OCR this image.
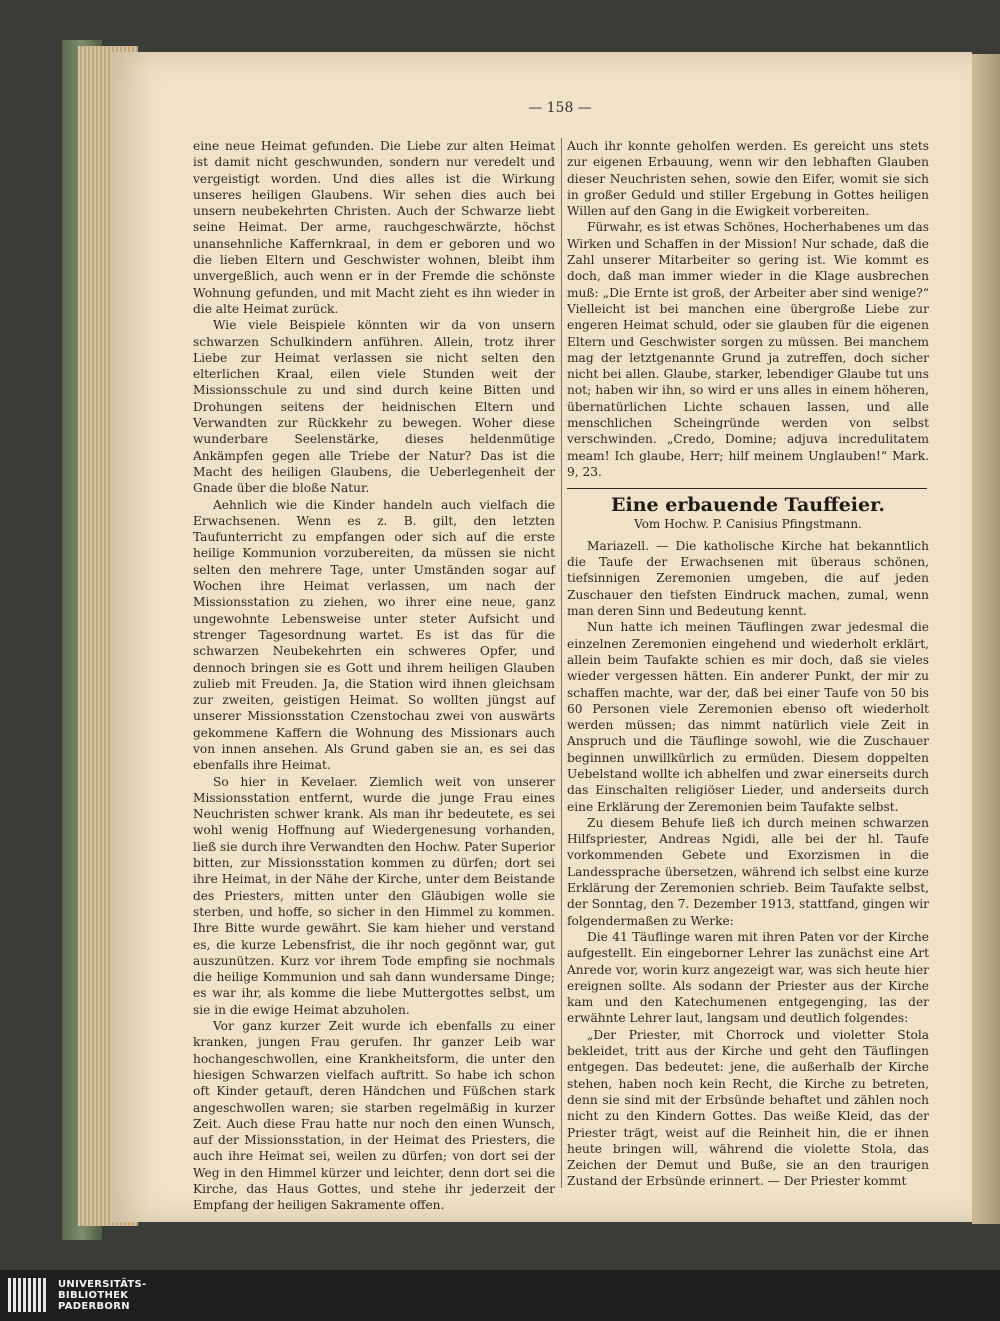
— 158 —

eine neue Heimat gefunden. Die Liebe zur alten Heimat ist damit nicht geschwunden, sondern nur veredelt und vergeistigt worden. Und dies alles ist die Wirkung unseres heiligen Glaubens. Wir sehen dies auch bei unsern neubekehrten Christen. Auch der Schwarze liebt seine Heimat. Der arme, rauchgeschwärzte, höchst unansehnliche Kaffernkraal, in dem er geboren und wo die lieben Eltern und Geschwister wohnen, bleibt ihm unvergeßlich, auch wenn er in der Fremde die schönste Wohnung gefunden, und mit Macht zieht es ihn wieder in die alte Heimat zurück.

Wie viele Beispiele könnten wir da von unsern schwarzen Schulkindern anführen. Allein, trotz ihrer Liebe zur Heimat verlassen sie nicht selten den elterlichen Kraal, eilen viele Stunden weit der Missionsschule zu und sind durch keine Bitten und Drohungen seitens der heidnischen Eltern und Verwandten zur Rückkehr zu bewegen. Woher diese wunderbare Seelenstärke, dieses heldenmütige Ankämpfen gegen alle Triebe der Natur? Das ist die Macht des heiligen Glaubens, die Ueberlegenheit der Gnade über die bloße Natur.

Aehnlich wie die Kinder handeln auch vielfach die Erwachsenen. Wenn es z. B. gilt, den letzten Taufunterricht zu empfangen oder sich auf die erste heilige Kommunion vorzubereiten, da müssen sie nicht selten den mehrere Tage, unter Umständen sogar auf Wochen ihre Heimat verlassen, um nach der Missionsstation zu ziehen, wo ihrer eine neue, ganz ungewohnte Lebensweise unter steter Aufsicht und strenger Tagesordnung wartet. Es ist das für die schwarzen Neubekehrten ein schweres Opfer, und dennoch bringen sie es Gott und ihrem heiligen Glauben zulieb mit Freuden. Ja, die Station wird ihnen gleichsam zur zweiten, geistigen Heimat. So wollten jüngst auf unserer Missionsstation Czenstochau zwei von auswärts gekommene Kaffern die Wohnung des Missionars auch von innen ansehen. Als Grund gaben sie an, es sei das ebenfalls ihre Heimat.

So hier in Kevelaer. Ziemlich weit von unserer Missionsstation entfernt, wurde die junge Frau eines Neuchristen schwer krank. Als man ihr bedeutete, es sei wohl wenig Hoffnung auf Wiedergenesung vorhanden, ließ sie durch ihre Verwandten den Hochw. Pater Superior bitten, zur Missionsstation kommen zu dürfen; dort sei ihre Heimat, in der Nähe der Kirche, unter dem Beistande des Priesters, mitten unter den Gläubigen wolle sie sterben, und hoffe, so sicher in den Himmel zu kommen. Ihre Bitte wurde gewährt. Sie kam hieher und verstand es, die kurze Lebensfrist, die ihr noch gegönnt war, gut auszunützen. Kurz vor ihrem Tode empfing sie nochmals die heilige Kommunion und sah dann wundersame Dinge; es war ihr, als komme die liebe Muttergottes selbst, um sie in die ewige Heimat abzuholen.

Vor ganz kurzer Zeit wurde ich ebenfalls zu einer kranken, jungen Frau gerufen. Ihr ganzer Leib war hochangeschwollen, eine Krankheitsform, die unter den hiesigen Schwarzen vielfach auftritt. So habe ich schon oft Kinder getauft, deren Händchen und Füßchen stark angeschwollen waren; sie starben regelmäßig in kurzer Zeit. Auch diese Frau hatte nur noch den einen Wunsch, auf der Missionsstation, in der Heimat des Priesters, die auch ihre Heimat sei, weilen zu dürfen; von dort sei der Weg in den Himmel kürzer und leichter, denn dort sei die Kirche, das Haus Gottes, und stehe ihr jederzeit der Empfang der heiligen Sakramente offen.

Auch ihr konnte geholfen werden. Es gereicht uns stets zur eigenen Erbauung, wenn wir den lebhaften Glauben dieser Neuchristen sehen, sowie den Eifer, womit sie sich in großer Geduld und stiller Ergebung in Gottes heiligen Willen auf den Gang in die Ewigkeit vorbereiten.

Fürwahr, es ist etwas Schönes, Hocherhabenes um das Wirken und Schaffen in der Mission! Nur schade, daß die Zahl unserer Mitarbeiter so gering ist. Wie kommt es doch, daß man immer wieder in die Klage ausbrechen muß: „Die Ernte ist groß, der Arbeiter aber sind wenige?“ Vielleicht ist bei manchen eine übergroße Liebe zur engeren Heimat schuld, oder sie glauben für die eigenen Eltern und Geschwister sorgen zu müssen. Bei manchem mag der letztgenannte Grund ja zutreffen, doch sicher nicht bei allen. Glaube, starker, lebendiger Glaube tut uns not; haben wir ihn, so wird er uns alles in einem höheren, übernatürlichen Lichte schauen lassen, und alle menschlichen Scheingründe werden von selbst verschwinden. „Credo, Domine; adjuva incredulitatem meam! Ich glaube, Herr; hilf meinem Unglauben!“ Mark. 9, 23.

Eine erbauende Tauffeier.
Vom Hochw. P. Canisius Pfingstmann.

Mariazell. — Die katholische Kirche hat bekanntlich die Taufe der Erwachsenen mit überaus schönen, tiefsinnigen Zeremonien umgeben, die auf jeden Zuschauer den tiefsten Eindruck machen, zumal, wenn man deren Sinn und Bedeutung kennt.

Nun hatte ich meinen Täuflingen zwar jedesmal die einzelnen Zeremonien eingehend und wiederholt erklärt, allein beim Taufakte schien es mir doch, daß sie vieles wieder vergessen hätten. Ein anderer Punkt, der mir zu schaffen machte, war der, daß bei einer Taufe von 50 bis 60 Personen viele Zeremonien ebenso oft wiederholt werden müssen; das nimmt natürlich viele Zeit in Anspruch und die Täuflinge sowohl, wie die Zuschauer beginnen unwillkürlich zu ermüden. Diesem doppelten Uebelstand wollte ich abhelfen und zwar einerseits durch das Einschalten religiöser Lieder, und anderseits durch eine Erklärung der Zeremonien beim Taufakte selbst.

Zu diesem Behufe ließ ich durch meinen schwarzen Hilfspriester, Andreas Ngidi, alle bei der hl. Taufe vorkommenden Gebete und Exorzismen in die Landessprache übersetzen, während ich selbst eine kurze Erklärung der Zeremonien schrieb. Beim Taufakte selbst, der Sonntag, den 7. Dezember 1913, stattfand, gingen wir folgendermaßen zu Werke:

Die 41 Täuflinge waren mit ihren Paten vor der Kirche aufgestellt. Ein eingeborner Lehrer las zunächst eine Art Anrede vor, worin kurz angezeigt war, was sich heute hier ereignen sollte. Als sodann der Priester aus der Kirche kam und den Katechumenen entgegenging, las der erwähnte Lehrer laut, langsam und deutlich folgendes:

„Der Priester, mit Chorrock und violetter Stola bekleidet, tritt aus der Kirche und geht den Täuflingen entgegen. Das bedeutet: jene, die außerhalb der Kirche stehen, haben noch kein Recht, die Kirche zu betreten, denn sie sind mit der Erbsünde behaftet und zählen noch nicht zu den Kindern Gottes. Das weiße Kleid, das der Priester trägt, weist auf die Reinheit hin, die er ihnen heute bringen will, während die violette Stola, das Zeichen der Demut und Buße, sie an den traurigen Zustand der Erbsünde erinnert. — Der Priester kommt

UNIVERSITÄTS-
BIBLIOTHEK
PADERBORN
